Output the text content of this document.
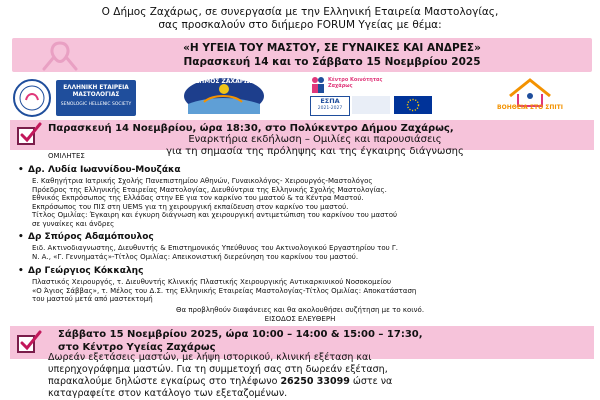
Ο Δήμος Ζαχάρως, σε συνεργασία με την Ελληνική Εταιρεία Μαστολογίας,
σας προσκαλούν στο διήμερο FORUM Υγείας με θέμα:
«Η ΥΓΕΙΑ ΤΟΥ ΜΑΣΤΟΥ, ΣΕ ΓΥΝΑΙΚΕΣ ΚΑΙ ΑΝΔΡΕΣ»
Παρασκευή 14 και το Σάββατο 15 Νοεμβρίου 2025
ΕΛΛΗΝΙΚΗ ΕΤΑΙΡΕΙΑ ΜΑΣΤΟΛΟΓΙΑΣ
SENOLOGIC HELLENIC SOCIETY
ΔΗΜΟΣ ΖΑΧΑΡΩΣ	Κέντρο Κοινότητας Ζαχάρως
ΕΣΠΑ
2021-2027	ΒΟΗΘΕΙΑ ΣΤΟ ΣΠΙΤΙ
Παρασκευή 14 Νοεμβρίου, ώρα 18:30, στο Πολύκεντρο Δήμου Ζαχάρως,
Εναρκτήρια εκδήλωση – Ομιλίες και παρουσιάσεις
για τη σημασία της πρόληψης και της έγκαιρης διάγνωσης
ΟΜΙΛΗΤΕΣ
• Δρ. Λυδία Ιωαννίδου-Μουζάκα
Ε. Καθηγήτρια Ιατρικής Σχολής Πανεπιστημίου Αθηνών, Γυναικολόγος- Χειρουργός-Μαστολόγος
Πρόεδρος της Ελληνικής Εταιρείας Μαστολογίας, Διευθύντρια της Ελληνικής Σχολής Μαστολογίας.
Εθνικός Εκπρόσωπος της Ελλάδας στην ΕΕ για τον καρκίνο του μαστού & τα Κέντρα Μαστού.
Εκπρόσωπος του ΠΙΣ στη UEMS για τη χειρουργική εκπαίδευση στον καρκίνο του μαστού.
Τίτλος Ομιλίας: Έγκαιρη και έγκυρη διάγνωση και χειρουργική αντιμετώπιση του καρκίνου του μαστού
σε γυναίκες και άνδρες
• Δρ Σπύρος Αδαμόπουλος
Ειδ. Ακτινοδιαγνωστης, Διευθυντής & Επιστημονικός Υπεύθυνος του Ακτινολογικού Εργαστηρίου του Γ.
Ν. Α., «Γ. Γεννηματάς»-Τίτλος Ομιλίας: Απεικονιστική διερεύνηση του καρκίνου του μαστού.
• Δρ Γεώργιος Κόκκαλης
Πλαστικός Χειρουργός, τ. Διευθυντής Κλινικής Πλαστικής Χειρουργικής Αντικαρκινικού Νοσοκομείου
«Ο Άγιος Σάββας», τ. Μέλος του Δ.Σ. της Ελληνικής Εταιρείας Μαστολογίας-Τίτλος Ομιλίας: Αποκατάσταση
του μαστού μετά από μαστεκτομή
Θα προβληθούν διαφάνειες και θα ακολουθήσει συζήτηση με το κοινό.
ΕΙΣΟΔΟΣ ΕΛΕΥΘΕΡΗ
Σάββατο 15 Νοεμβρίου 2025, ώρα 10:00 – 14:00 & 15:00 – 17:30,
στο Κέντρο Υγείας Ζαχάρως
Δωρεάν εξετάσεις μαστών, με λήψη ιστορικού, κλινική εξέταση και
υπερηχογράφημα μαστών. Για τη συμμετοχή σας στη δωρεάν εξέταση,
παρακαλούμε δηλώστε εγκαίρως στο τηλέφωνο 26250 33099 ώστε να
καταγραφείτε στον κατάλογο των εξεταζομένων.
